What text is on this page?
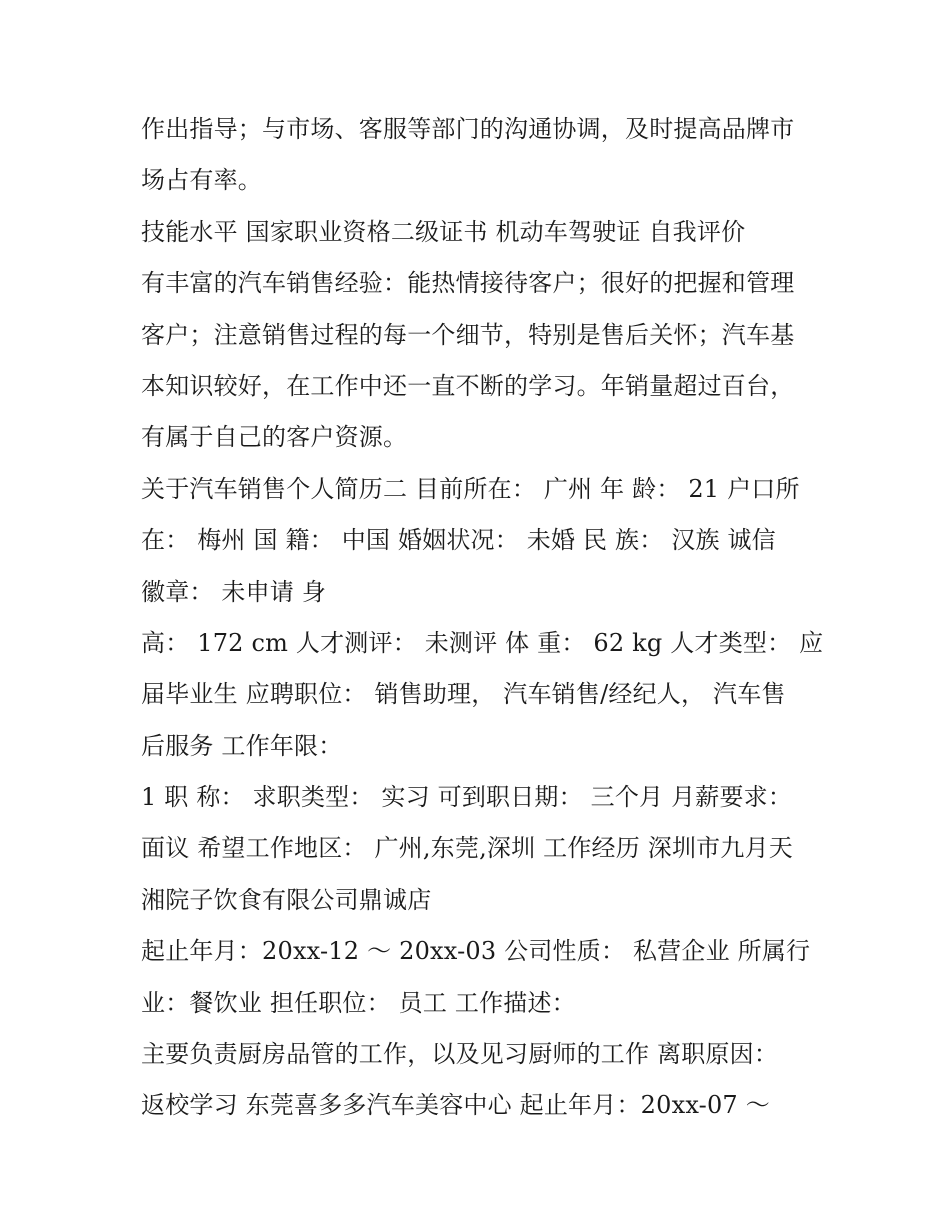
作出指导；与市场、客服等部门的沟通协调，及时提高品牌市
场占有率。
技能水平 国家职业资格二级证书 机动车驾驶证 自我评价
有丰富的汽车销售经验：能热情接待客户；很好的把握和管理
客户；注意销售过程的每一个细节，特别是售后关怀；汽车基
本知识较好，在工作中还一直不断的学习。年销量超过百台，
有属于自己的客户资源。
关于汽车销售个人简历二 目前所在： 广州 年 龄： 21 户口所
在： 梅州 国 籍： 中国 婚姻状况： 未婚 民 族： 汉族 诚信
徽章： 未申请 身
高： 172 cm 人才测评： 未测评 体 重： 62 kg 人才类型： 应
届毕业生 应聘职位： 销售助理， 汽车销售/经纪人， 汽车售
后服务 工作年限：
1 职 称： 求职类型： 实习 可到职日期： 三个月 月薪要求：
面议 希望工作地区： 广州,东莞,深圳 工作经历 深圳市九月天
湘院子饮食有限公司鼎诚店
起止年月：20xx-12 ～ 20xx-03 公司性质： 私营企业 所属行
业：餐饮业 担任职位： 员工 工作描述：
主要负责厨房品管的工作，以及见习厨师的工作 离职原因：
返校学习 东莞喜多多汽车美容中心 起止年月：20xx-07 ～
